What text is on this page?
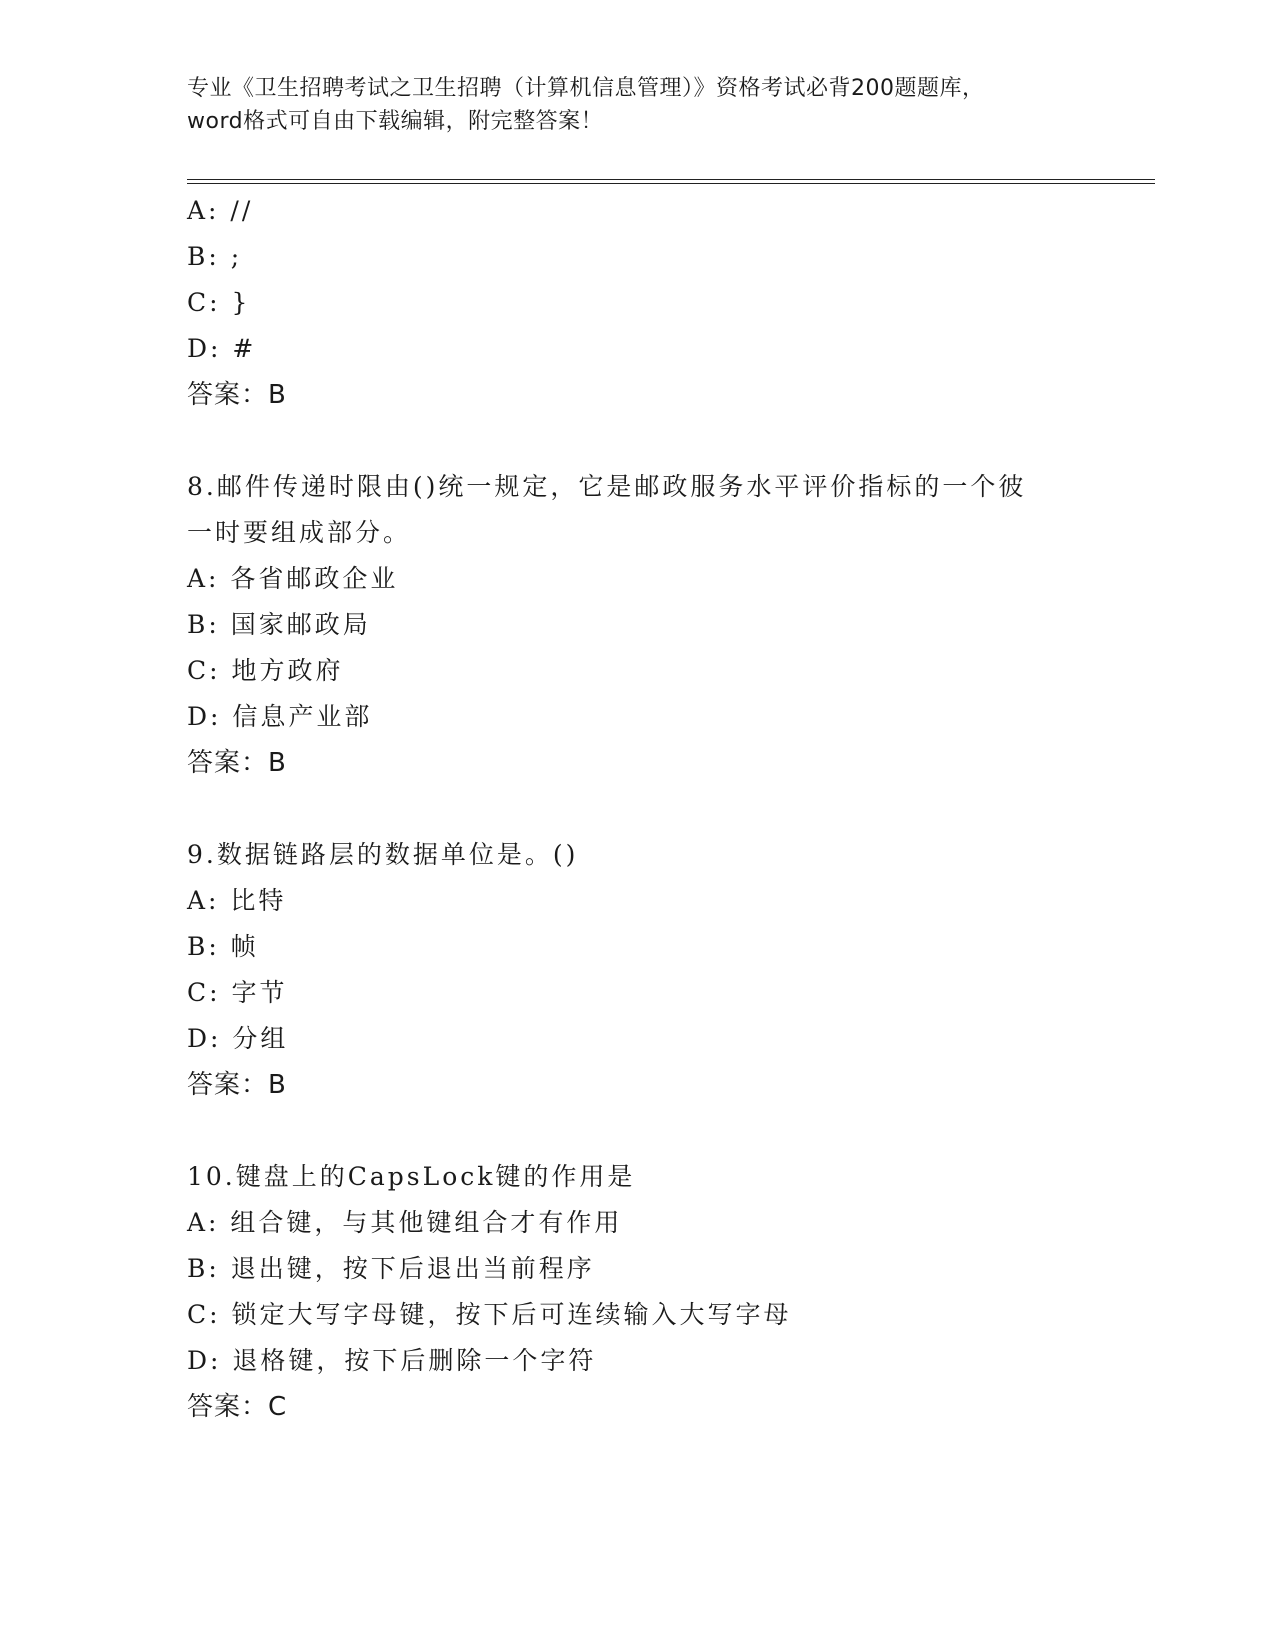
专业《卫生招聘考试之卫生招聘（计算机信息管理）》资格考试必背200题题库，
word格式可自由下载编辑，附完整答案！
A: //
B: ;
C: }
D: #
答案：B
8.邮件传递时限由()统一规定，它是邮政服务水平评价指标的一个彼
一时要组成部分。
A: 各省邮政企业
B: 国家邮政局
C: 地方政府
D: 信息产业部
答案：B
9.数据链路层的数据单位是。()
A: 比特
B: 帧
C: 字节
D: 分组
答案：B
10.键盘上的CapsLock键的作用是
A: 组合键，与其他键组合才有作用
B: 退出键，按下后退出当前程序
C: 锁定大写字母键，按下后可连续输入大写字母
D: 退格键，按下后删除一个字符
答案：C
